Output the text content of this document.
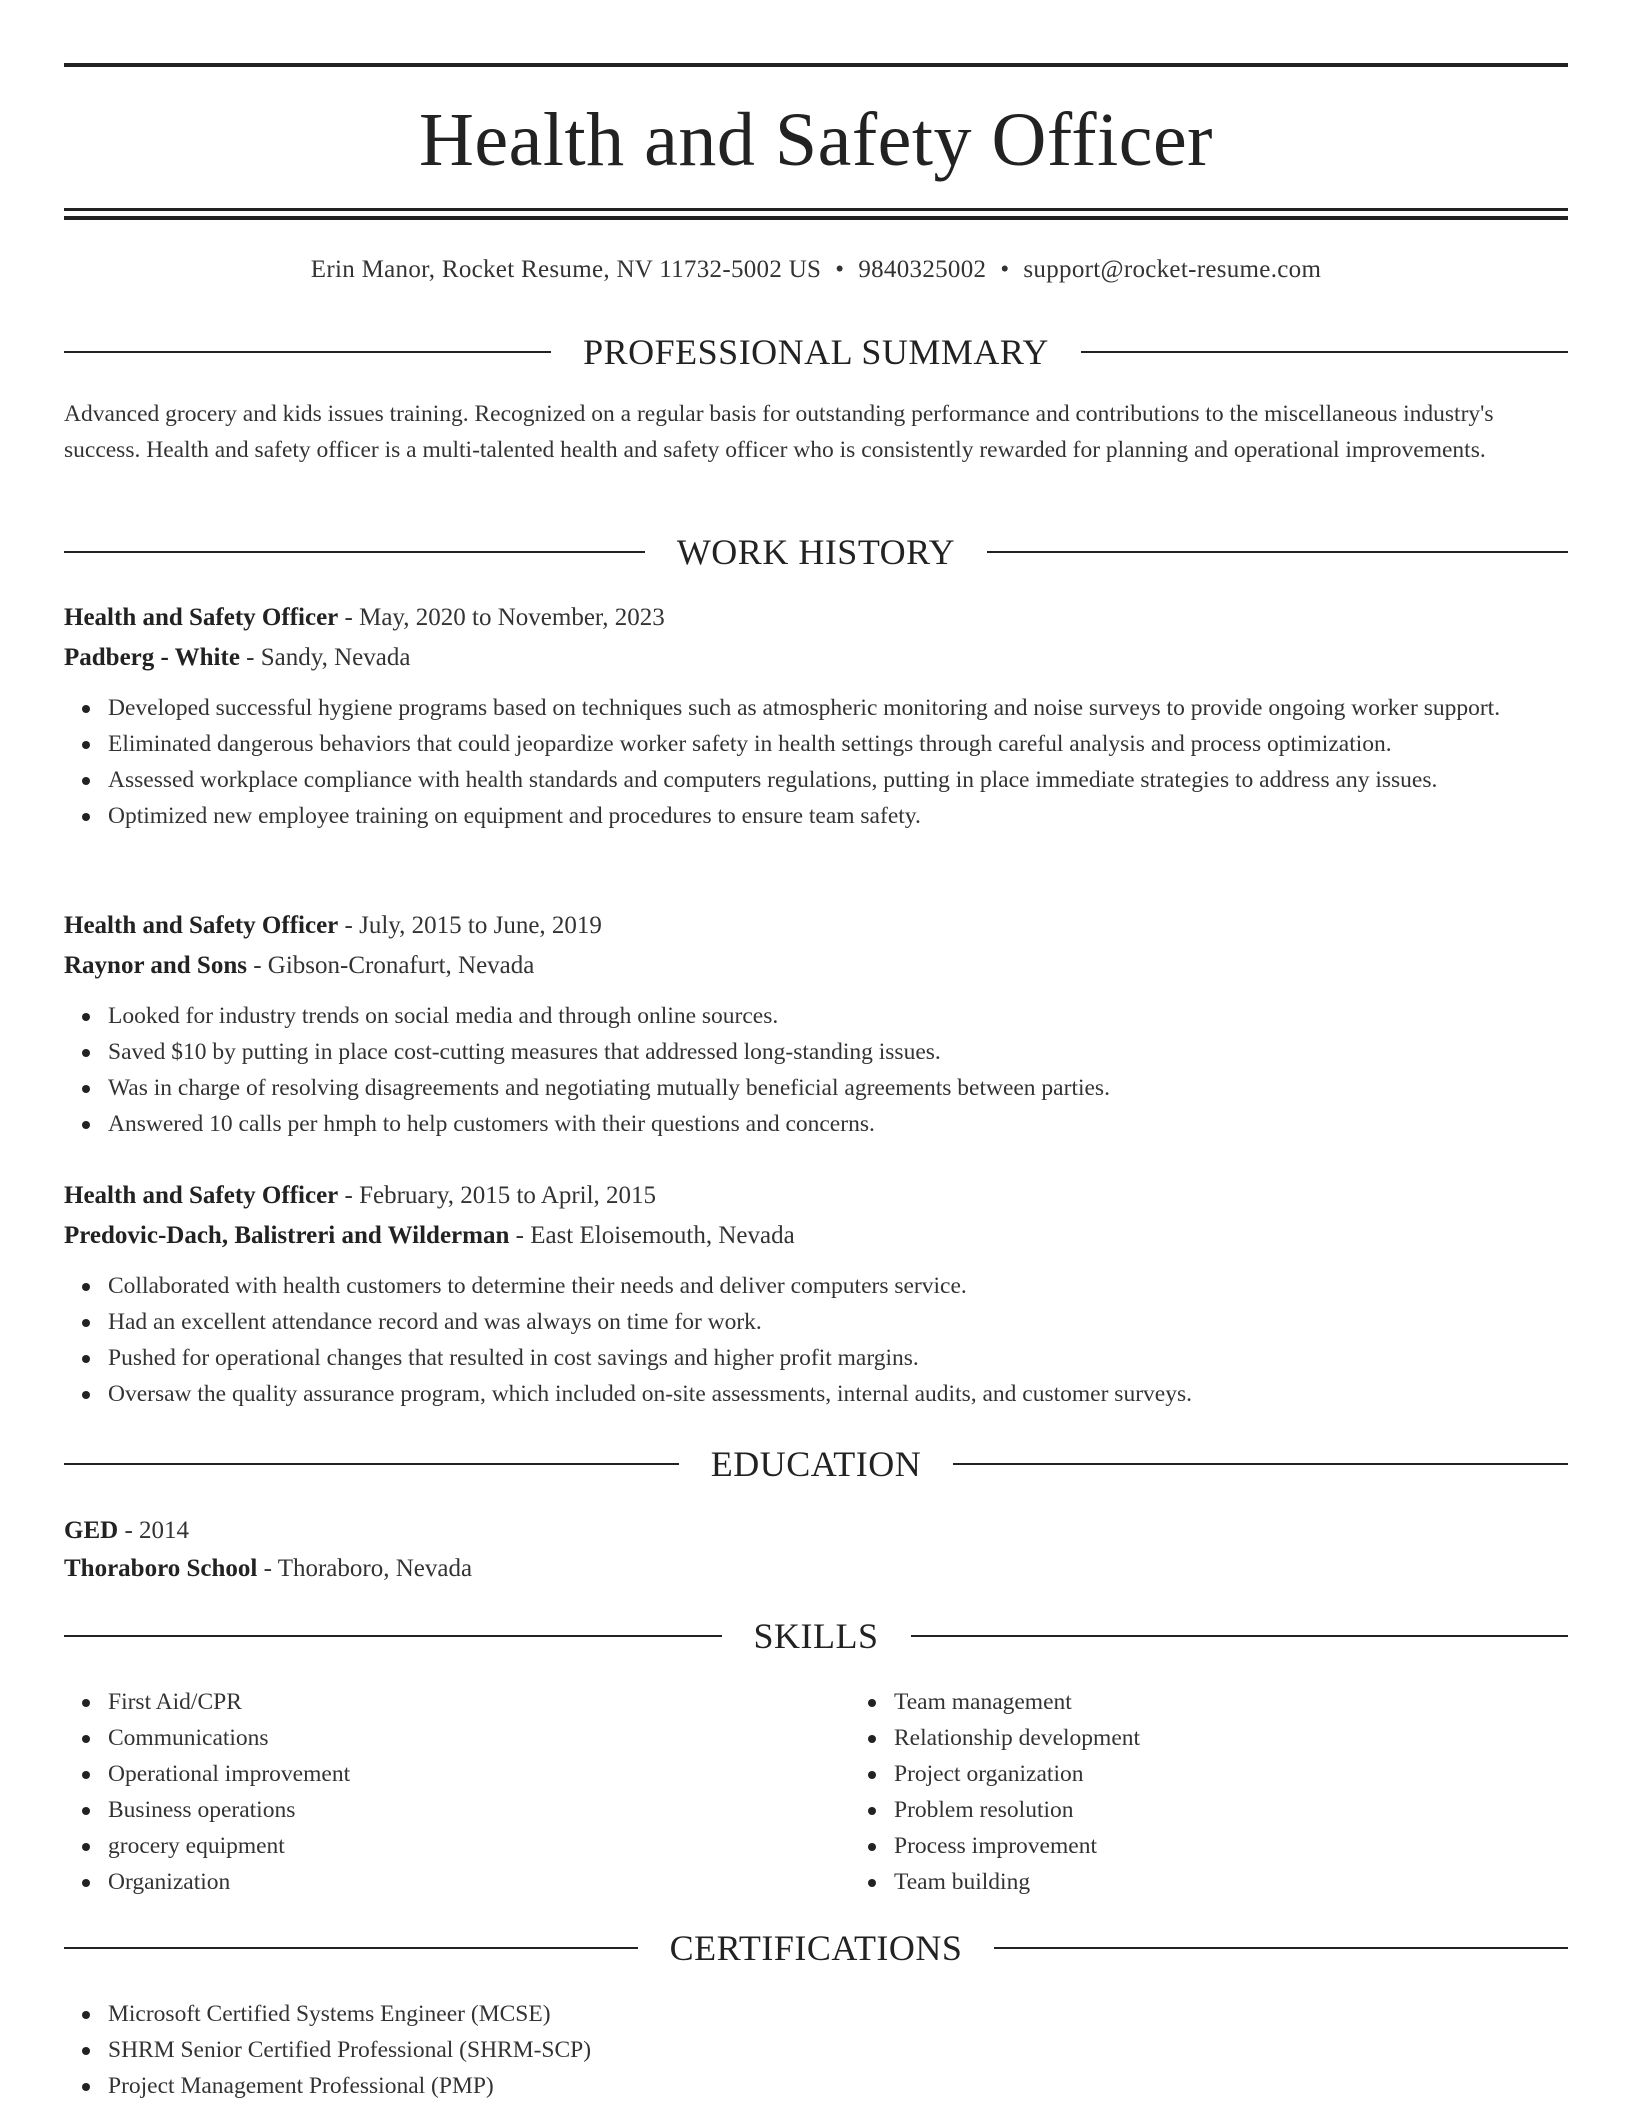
Health and Safety Officer
Erin Manor, Rocket Resume, NV 11732-5002 US • 9840325002 • support@rocket-resume.com
PROFESSIONAL SUMMARY

Advanced grocery and kids issues training. Recognized on a regular basis for outstanding performance and contributions to the miscellaneous industry's success. Health and safety officer is a multi-talented health and safety officer who is consistently rewarded for planning and operational improvements.

WORK HISTORY
Health and Safety Officer - May, 2020 to November, 2023
Padberg - White - Sandy, Nevada
Developed successful hygiene programs based on techniques such as atmospheric monitoring and noise surveys to provide ongoing worker support.
Eliminated dangerous behaviors that could jeopardize worker safety in health settings through careful analysis and process optimization.
Assessed workplace compliance with health standards and computers regulations, putting in place immediate strategies to address any issues.
Optimized new employee training on equipment and procedures to ensure team safety.
Health and Safety Officer - July, 2015 to June, 2019
Raynor and Sons - Gibson-Cronafurt, Nevada
Looked for industry trends on social media and through online sources.
Saved $10 by putting in place cost-cutting measures that addressed long-standing issues.
Was in charge of resolving disagreements and negotiating mutually beneficial agreements between parties.
Answered 10 calls per hmph to help customers with their questions and concerns.
Health and Safety Officer - February, 2015 to April, 2015
Predovic-Dach, Balistreri and Wilderman - East Eloisemouth, Nevada
Collaborated with health customers to determine their needs and deliver computers service.
Had an excellent attendance record and was always on time for work.
Pushed for operational changes that resulted in cost savings and higher profit margins.
Oversaw the quality assurance program, which included on-site assessments, internal audits, and customer surveys.
EDUCATION
GED - 2014
Thoraboro School - Thoraboro, Nevada
SKILLS
First Aid/CPR
Communications
Operational improvement
Business operations
grocery equipment
Organization
Team management
Relationship development
Project organization
Problem resolution
Process improvement
Team building
CERTIFICATIONS
Microsoft Certified Systems Engineer (MCSE)
SHRM Senior Certified Professional (SHRM-SCP)
Project Management Professional (PMP)
